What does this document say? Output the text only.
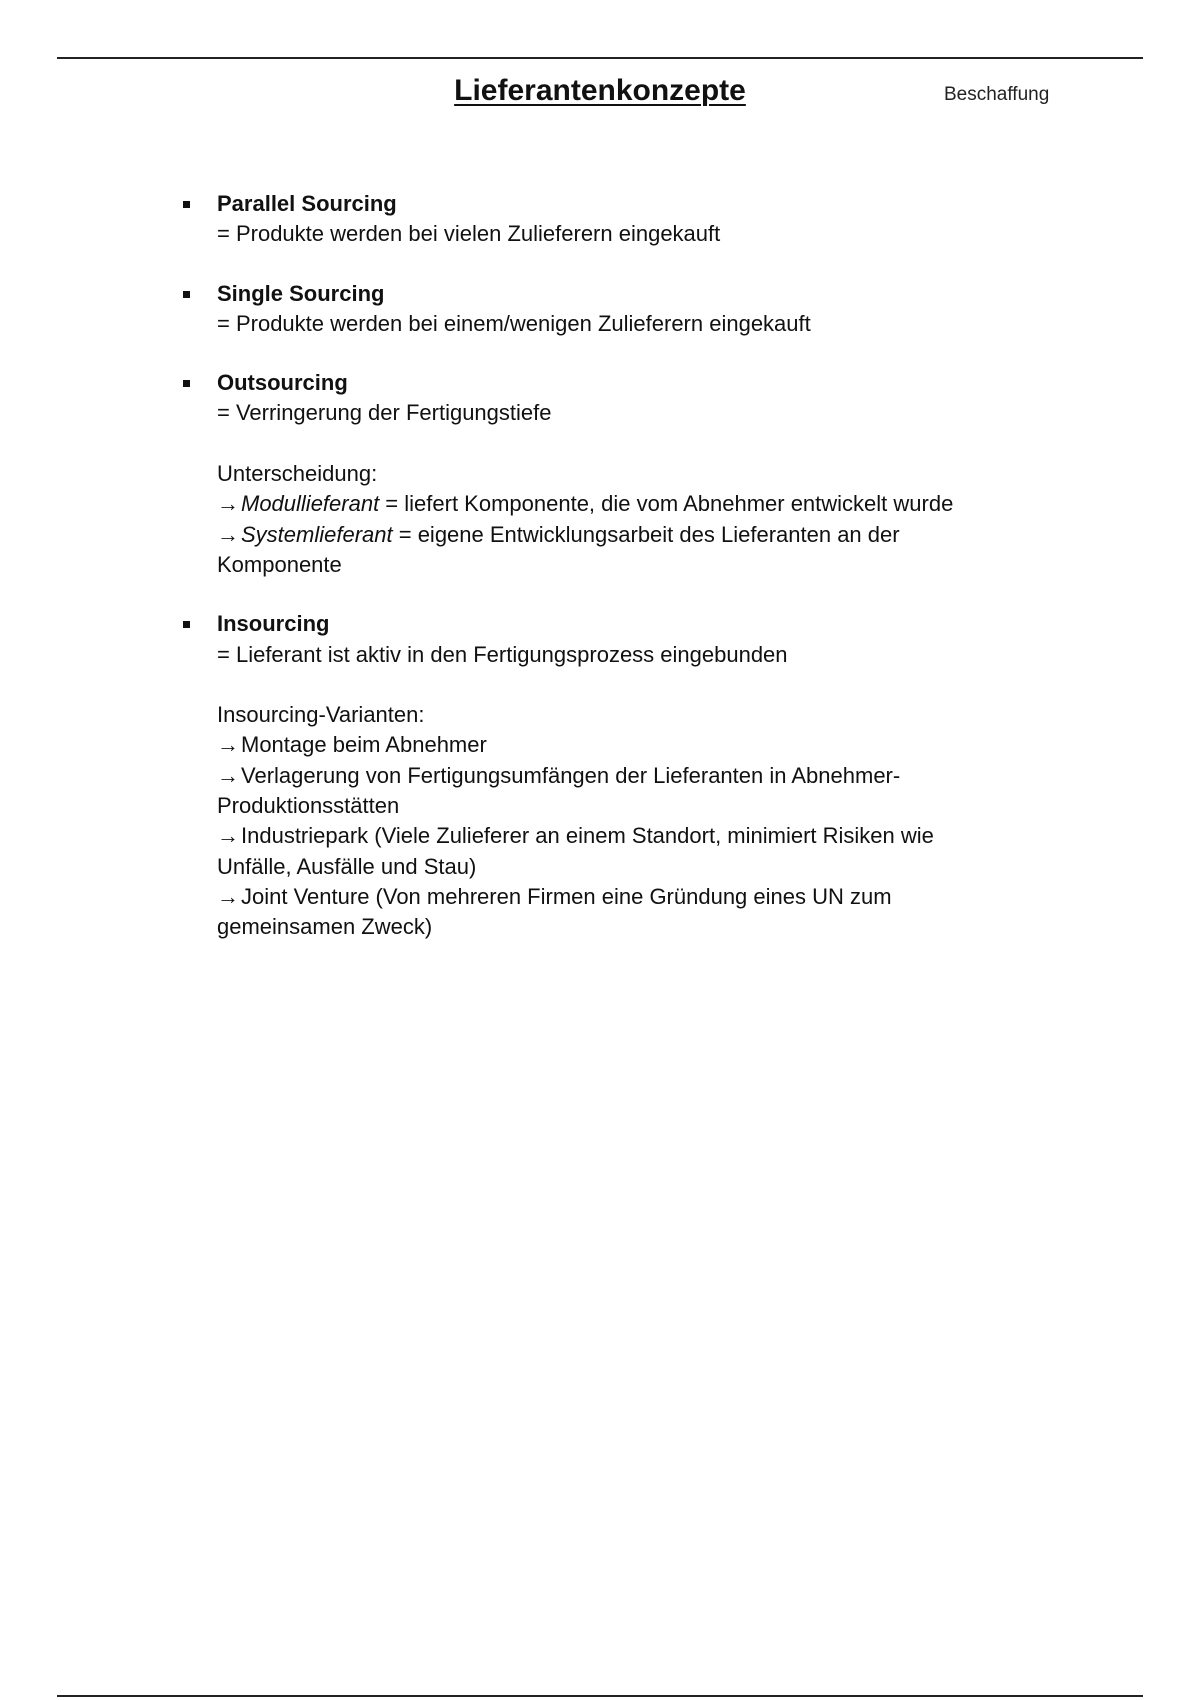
Lieferantenkonzepte	Beschaffung
Parallel Sourcing
= Produkte werden bei vielen Zulieferern eingekauft
Single Sourcing
= Produkte werden bei einem/wenigen Zulieferern eingekauft
Outsourcing
= Verringerung der Fertigungstiefe
Unterscheidung:
→Modullieferant = liefert Komponente, die vom Abnehmer entwickelt wurde
→Systemlieferant = eigene Entwicklungsarbeit des Lieferanten an der
Komponente
Insourcing
= Lieferant ist aktiv in den Fertigungsprozess eingebunden
Insourcing-Varianten:
→Montage beim Abnehmer
→Verlagerung von Fertigungsumfängen der Lieferanten in Abnehmer-
Produktionsstätten
→Industriepark (Viele Zulieferer an einem Standort, minimiert Risiken wie
Unfälle, Ausfälle und Stau)
→Joint Venture (Von mehreren Firmen eine Gründung eines UN zum
gemeinsamen Zweck)
